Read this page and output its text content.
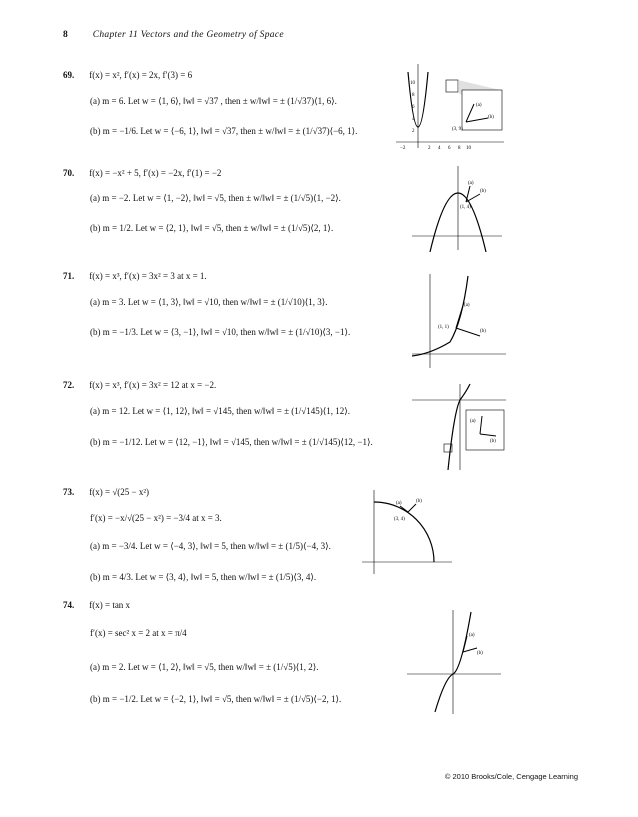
8	Chapter 11 Vectors and the Geometry of Space
69. f(x) = x², f′(x) = 2x, f′(3) = 6
(a) m = 6. Let w = ⟨1, 6⟩, ‖w‖ = √37 , then ± w/‖w‖ = ± (1/√37)⟨1, 6⟩.
(b) m = −1/6. Let w = ⟨−6, 1⟩, ‖w‖ = √37, then ± w/‖w‖ = ± (1/√37)⟨−6, 1⟩.
(a)
(b)
(3, 9)
−2	2 4 6 8 10
10
8
6
4
2
70. f(x) = −x² + 5, f′(x) = −2x, f′(1) = −2
(a) m = −2. Let w = ⟨1, −2⟩, ‖w‖ = √5, then ± w/‖w‖ = ± (1/√5)⟨1, −2⟩.
(b) m = 1/2. Let w = ⟨2, 1⟩, ‖w‖ = √5, then ± w/‖w‖ = ± (1/√5)⟨2, 1⟩.
(a)
(b)
(1, 4)
71. f(x) = x³, f′(x) = 3x² = 3 at x = 1.
(a) m = 3. Let w = ⟨1, 3⟩, ‖w‖ = √10, then w/‖w‖ = ± (1/√10)⟨1, 3⟩.
(b) m = −1/3. Let w = ⟨3, −1⟩, ‖w‖ = √10, then w/‖w‖ = ± (1/√10)⟨3, −1⟩.
(a)
(b)
(1, 1)
72. f(x) = x³, f′(x) = 3x² = 12 at x = −2.
(a) m = 12. Let w = ⟨1, 12⟩, ‖w‖ = √145, then w/‖w‖ = ± (1/√145)⟨1, 12⟩.
(b) m = −1/12. Let w = ⟨12, −1⟩, ‖w‖ = √145, then w/‖w‖ = ± (1/√145)⟨12, −1⟩.
(a)
(b)
73. f(x) = √(25 − x²)
f′(x) = −x/√(25 − x²) = −3/4 at x = 3.
(a) m = −3/4. Let w = ⟨−4, 3⟩, ‖w‖ = 5, then w/‖w‖ = ± (1/5)⟨−4, 3⟩.
(b) m = 4/3. Let w = ⟨3, 4⟩, ‖w‖ = 5, then w/‖w‖ = ± (1/5)⟨3, 4⟩.
(a)	(b)
(3, 4)
74. f(x) = tan x
f′(x) = sec² x = 2 at x = π/4
(a) m = 2. Let w = ⟨1, 2⟩, ‖w‖ = √5, then w/‖w‖ = ± (1/√5)⟨1, 2⟩.
(b) m = −1/2. Let w = ⟨−2, 1⟩, ‖w‖ = √5, then w/‖w‖ = ± (1/√5)⟨−2, 1⟩.
(a)
(b)
© 2010 Brooks/Cole, Cengage Learning
